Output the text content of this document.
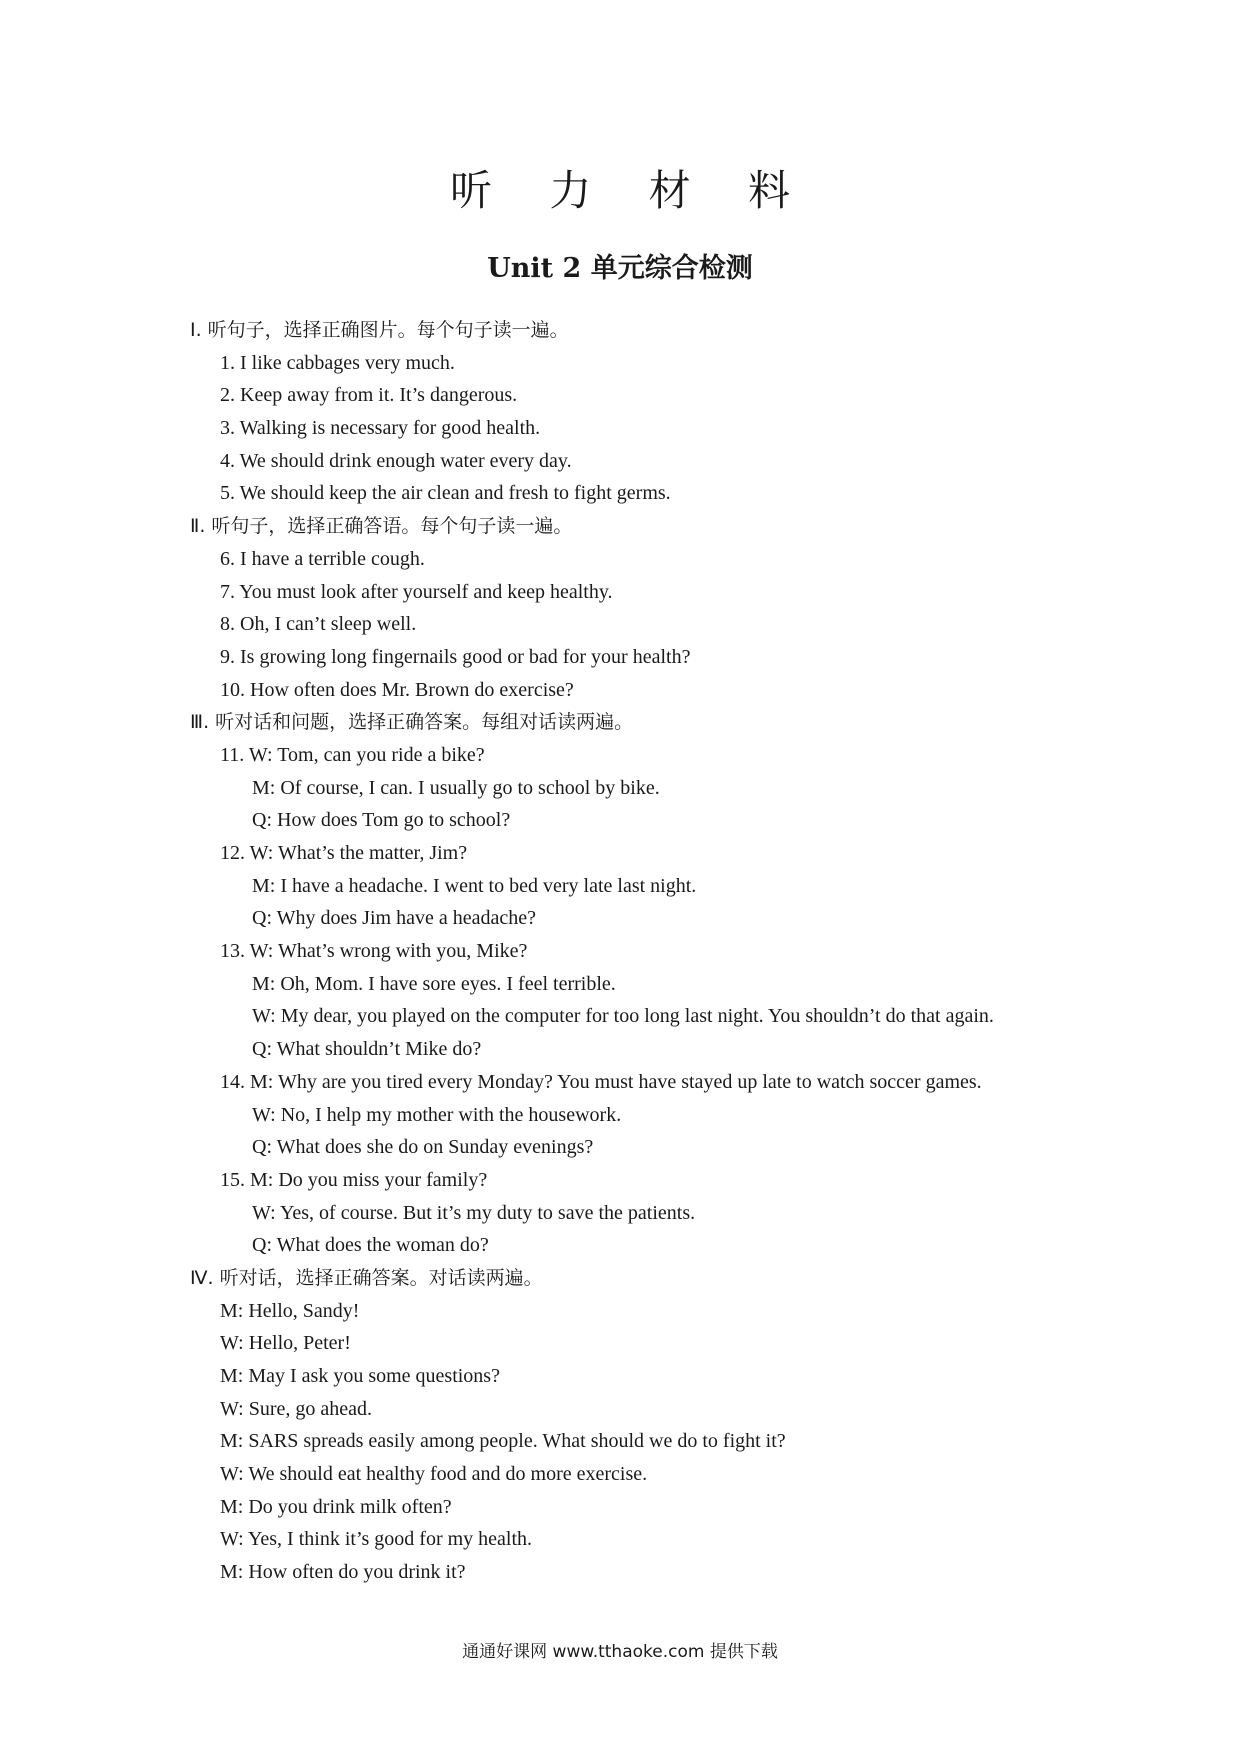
听 力 材 料
Unit 2 单元综合检测
Ⅰ. 听句子，选择正确图片。每个句子读一遍。
1. I like cabbages very much.
2. Keep away from it. It’s dangerous.
3. Walking is necessary for good health.
4. We should drink enough water every day.
5. We should keep the air clean and fresh to fight germs.
Ⅱ. 听句子，选择正确答语。每个句子读一遍。
6. I have a terrible cough.
7. You must look after yourself and keep healthy.
8. Oh, I can’t sleep well.
9. Is growing long fingernails good or bad for your health?
10. How often does Mr. Brown do exercise?
Ⅲ. 听对话和问题，选择正确答案。每组对话读两遍。
11. W: Tom, can you ride a bike?
M: Of course, I can. I usually go to school by bike.
Q: How does Tom go to school?
12. W: What’s the matter, Jim?
M: I have a headache. I went to bed very late last night.
Q: Why does Jim have a headache?
13. W: What’s wrong with you, Mike?
M: Oh, Mom. I have sore eyes. I feel terrible.
W: My dear, you played on the computer for too long last night. You shouldn’t do that again.
Q: What shouldn’t Mike do?
14. M: Why are you tired every Monday? You must have stayed up late to watch soccer games.
W: No, I help my mother with the housework.
Q: What does she do on Sunday evenings?
15. M: Do you miss your family?
W: Yes, of course. But it’s my duty to save the patients.
Q: What does the woman do?
Ⅳ. 听对话，选择正确答案。对话读两遍。
M: Hello, Sandy!
W: Hello, Peter!
M: May I ask you some questions?
W: Sure, go ahead.
M: SARS spreads easily among people. What should we do to fight it?
W: We should eat healthy food and do more exercise.
M: Do you drink milk often?
W: Yes, I think it’s good for my health.
M: How often do you drink it?
通通好课网 www.tthaoke.com 提供下载
